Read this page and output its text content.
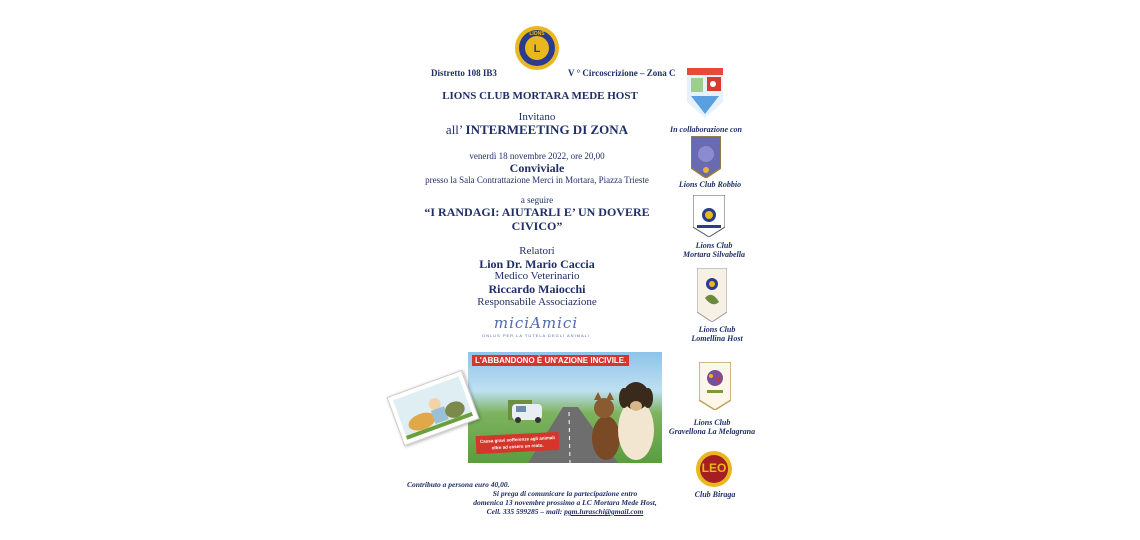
L
LIONS
Distretto 108 IB3	V ° Circoscrizione – Zona C
LIONS CLUB MORTARA MEDE HOST
Invitano
all’ INTERMEETING DI ZONA
venerdì 18 novembre 2022, ore 20,00
Conviviale
presso la Sala Contrattazione Merci in Mortara, Piazza Trieste
a seguire
“I RANDAGI: AIUTARLI E’ UN DOVERE
CIVICO”
Relatori
Lion Dr. Mario Caccia
Medico Veterinario
Riccardo Maiocchi
Responsabile Associazione
miciAmici
ONLUS PER LA TUTELA DEGLI ANIMALI
L'ABBANDONO È UN'AZIONE INCIVILE.
Causa gravi sofferenze agli animali
oltre ad essere un reato.
Contributo a persona euro 40,00.
Si prega di comunicare la partecipazione entro
domenica 13 novembre prossimo a LC Mortara Mede Host,
Cell. 335 599285 – mail: pgm.luraschi@gmail.com
In collaborazione con
Lions Club Robbio
Lions Club
Mortara Silvabella
Lions Club
Lomellina Host
Lions Club
Gravellona La Melagrana
LEO
Club Biraga
